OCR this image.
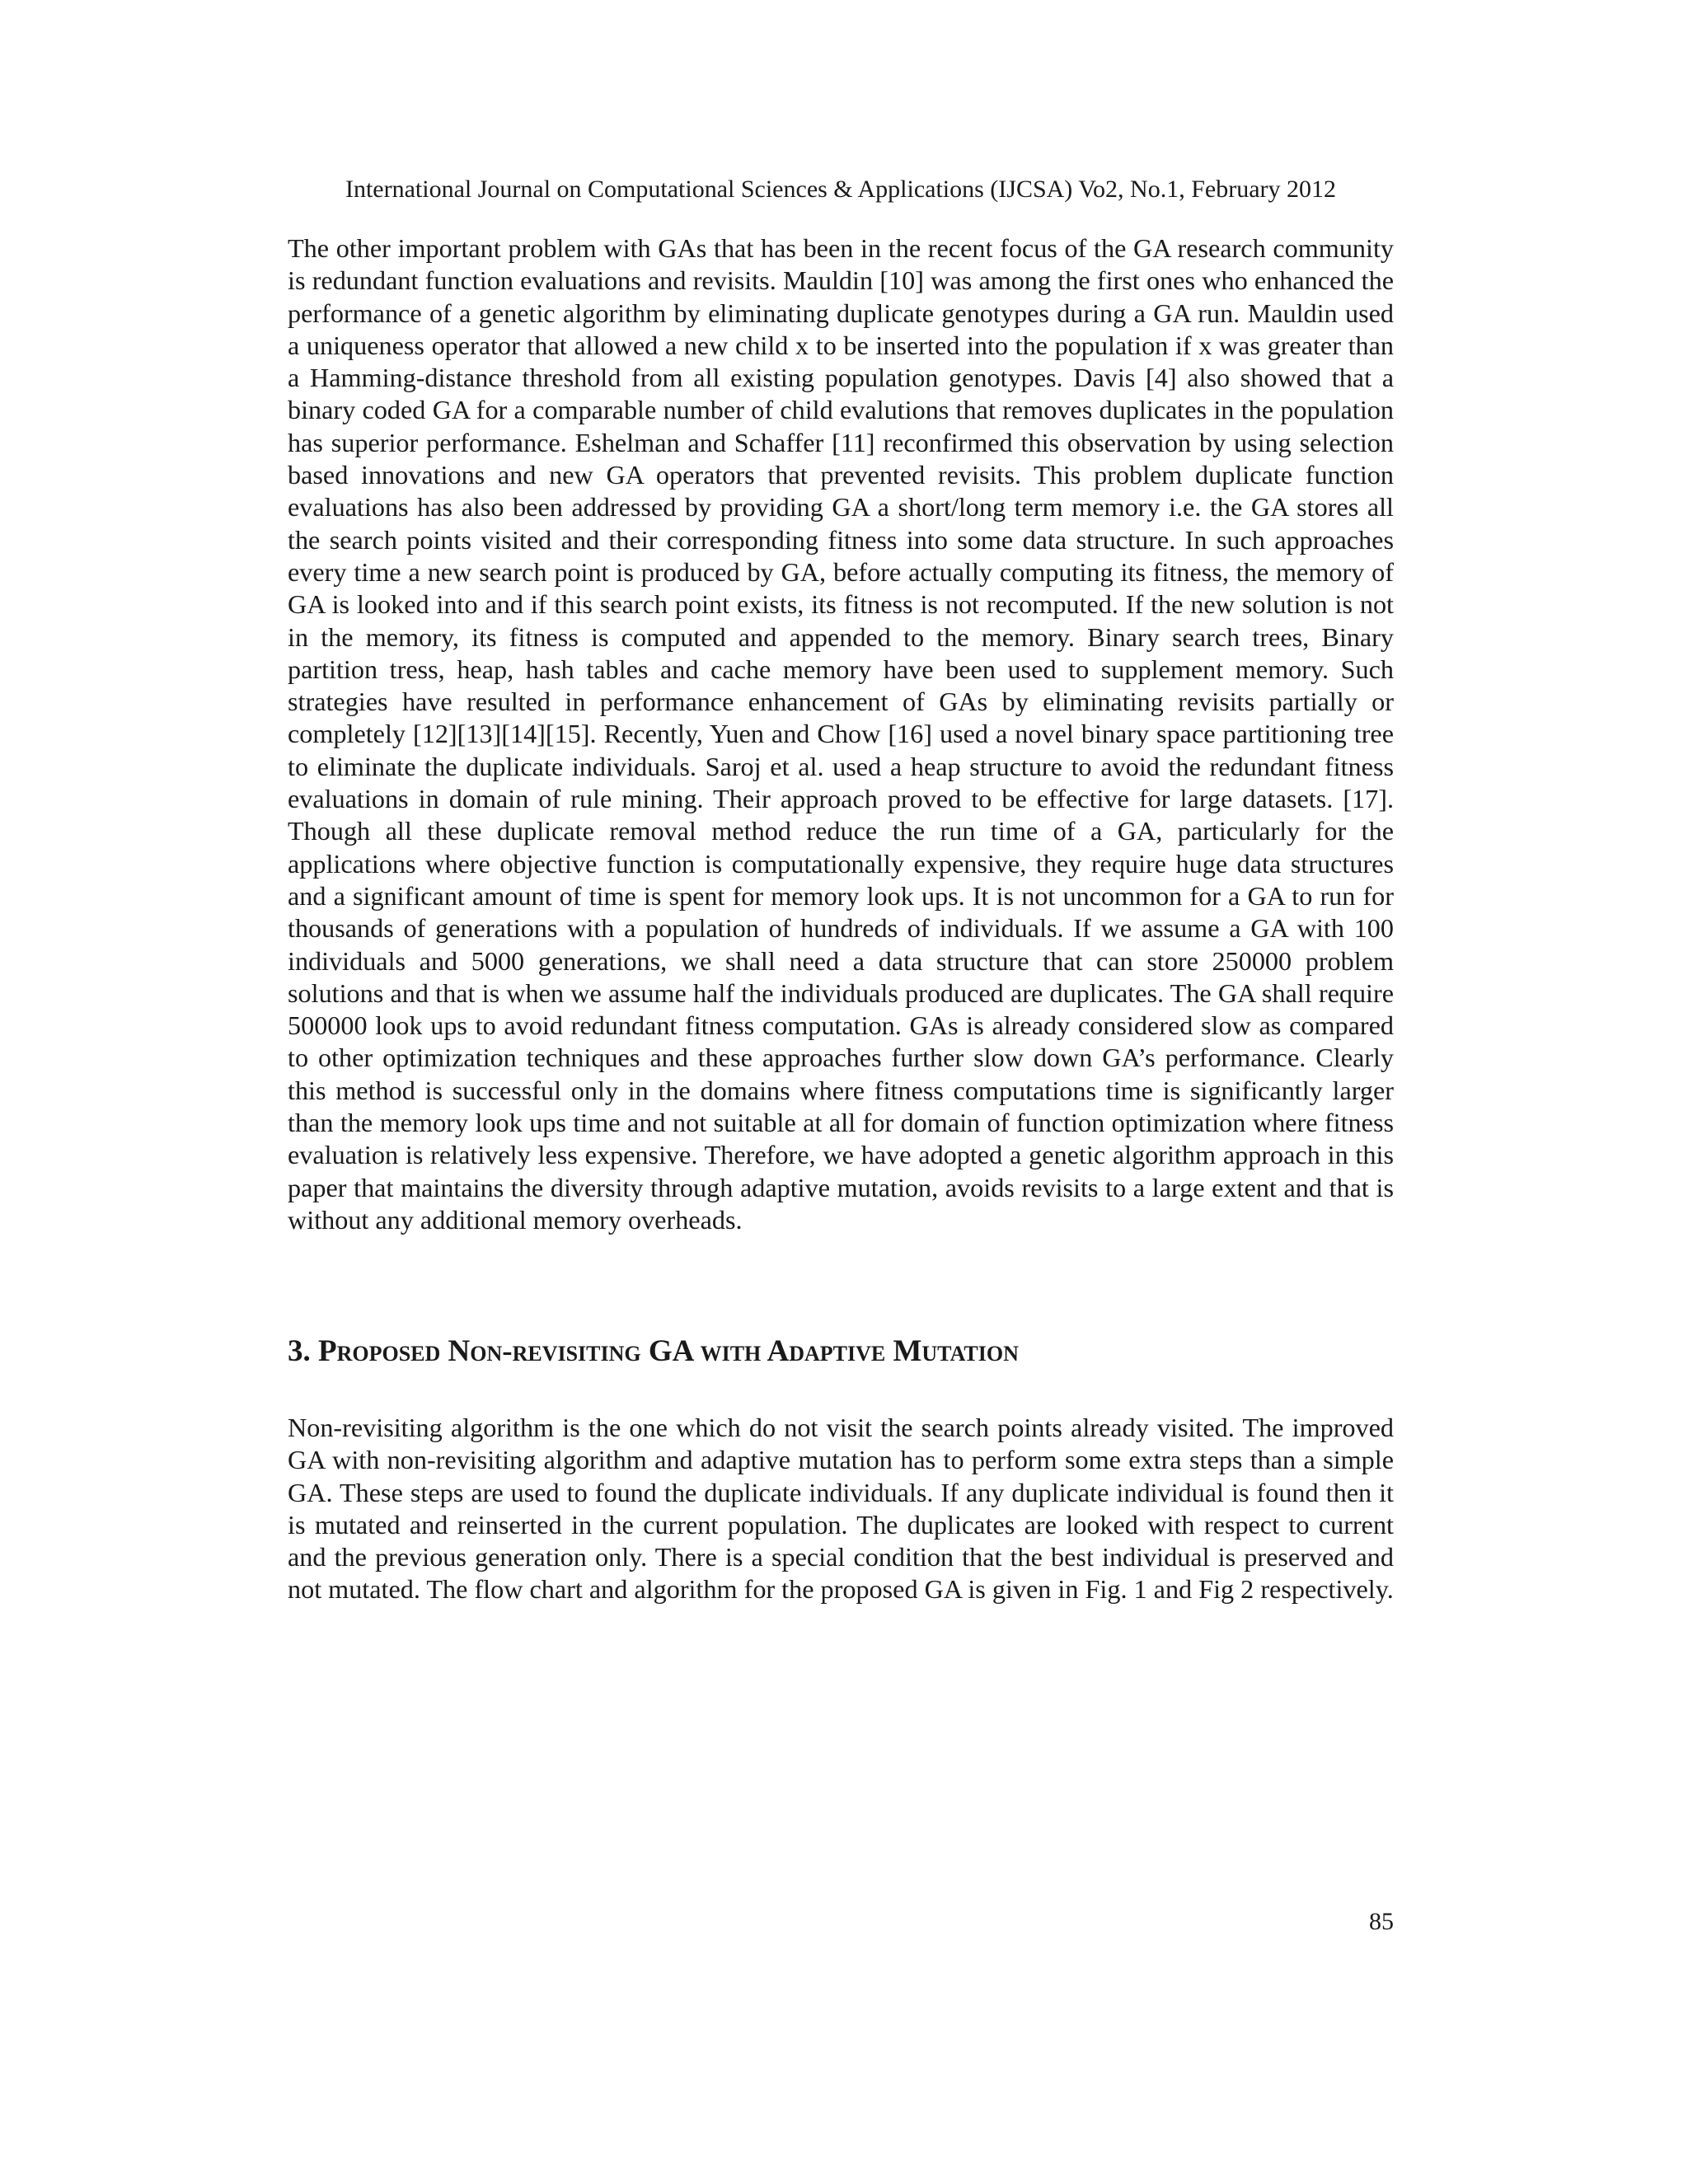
International Journal on Computational Sciences & Applications (IJCSA) Vo2, No.1, February 2012

The other important problem with GAs that has been in the recent focus of the GA research community is redundant function evaluations and revisits. Mauldin [10] was among the first ones who enhanced the performance of a genetic algorithm by eliminating duplicate genotypes during a GA run. Mauldin used a uniqueness operator that allowed a new child x to be inserted into the population if x was greater than a Hamming-distance threshold from all existing population genotypes. Davis [4] also showed that a binary coded GA for a comparable number of child evalutions that removes duplicates in the population has superior performance. Eshelman and Schaffer [11] reconfirmed this observation by using selection based innovations and new GA operators that prevented revisits. This problem duplicate function evaluations has also been addressed by providing GA a short/long term memory i.e. the GA stores all the search points visited and their corresponding fitness into some data structure. In such approaches every time a new search point is produced by GA, before actually computing its fitness, the memory of GA is looked into and if this search point exists, its fitness is not recomputed. If the new solution is not in the memory, its fitness is computed and appended to the memory. Binary search trees, Binary partition tress, heap, hash tables and cache memory have been used to supplement memory. Such strategies have resulted in performance enhancement of GAs by eliminating revisits partially or completely [12][13][14][15]. Recently, Yuen and Chow [16] used a novel binary space partitioning tree to eliminate the duplicate individuals. Saroj et al. used a heap structure to avoid the redundant fitness evaluations in domain of rule mining. Their approach proved to be effective for large datasets. [17]. Though all these duplicate removal method reduce the run time of a GA, particularly for the applications where objective function is computationally expensive, they require huge data structures and a significant amount of time is spent for memory look ups. It is not uncommon for a GA to run for thousands of generations with a population of hundreds of individuals. If we assume a GA with 100 individuals and 5000 generations, we shall need a data structure that can store 250000 problem solutions and that is when we assume half the individuals produced are duplicates. The GA shall require 500000 look ups to avoid redundant fitness computation. GAs is already considered slow as compared to other optimization techniques and these approaches further slow down GA’s performance. Clearly this method is successful only in the domains where fitness computations time is significantly larger than the memory look ups time and not suitable at all for domain of function optimization where fitness evaluation is relatively less expensive. Therefore, we have adopted a genetic algorithm approach in this paper that maintains the diversity through adaptive mutation, avoids revisits to a large extent and that is without any additional memory overheads.

3. Proposed Non-revisiting GA with Adaptive Mutation

Non-revisiting algorithm is the one which do not visit the search points already visited. The improved GA with non-revisiting algorithm and adaptive mutation has to perform some extra steps than a simple GA. These steps are used to found the duplicate individuals. If any duplicate individual is found then it is mutated and reinserted in the current population. The duplicates are looked with respect to current and the previous generation only. There is a special condition that the best individual is preserved and not mutated. The flow chart and algorithm for the proposed GA is given in Fig. 1 and Fig 2 respectively.

85
